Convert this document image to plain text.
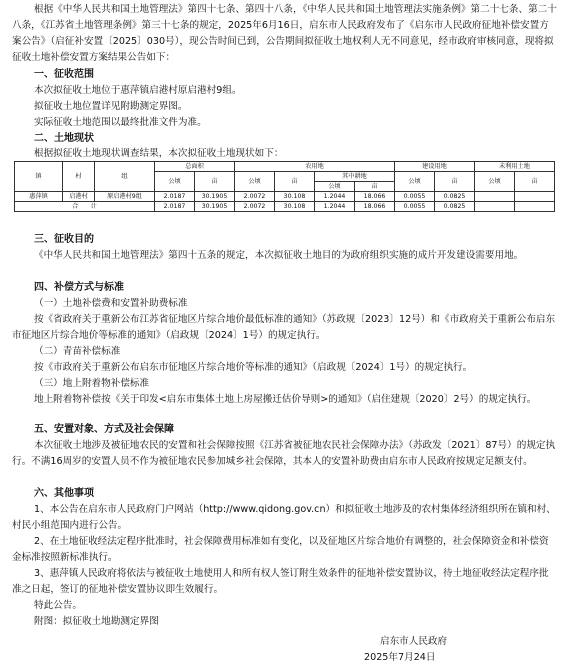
根据《中华人民共和国土地管理法》第四十七条、第四十八条，《中华人民共和国土地管理法实施条例》第二十七条、第二十八条，《江苏省土地管理条例》第三十七条的规定，2025年6月16日，启东市人民政府发布了《启东市人民政府征地补偿安置方案公告》（启征补安置〔2025〕030号），现公告时间已到，公告期间拟征收土地权利人无不同意见，经市政府审核同意，现将拟征收土地补偿安置方案结果公告如下：
一、征收范围
本次拟征收土地位于惠萍镇启港村原启港村9组。
拟征收土地位置详见附勘测定界图。
实际征收土地范围以最终批准文件为准。
二、土地现状
根据拟征收土地现状调查结果，本次拟征收土地现状如下：
镇	村	组	总面积		农用地				建设用地		未利用土地	
			公顷	亩	公顷	亩	其中耕地		公顷	亩	公顷	亩
							公顷	亩				
惠萍镇	启港村	原启港村9组	2.0187	30.1905	2.0072	30.108	1.2044	18.066	0.0055	0.0825		
合　　计			2.0187	30.1905	2.0072	30.108	1.2044	18.066	0.0055	0.0825		
三、征收目的
《中华人民共和国土地管理法》第四十五条的规定，本次拟征收土地目的为政府组织实施的成片开发建设需要用地。
四、补偿方式与标准
（一）土地补偿费和安置补助费标准
按《省政府关于重新公布江苏省征地区片综合地价最低标准的通知》（苏政规〔2023〕12号）和《市政府关于重新公布启东市征地区片综合地价等标准的通知》（启政规〔2024〕1号）的规定执行。
（二）青苗补偿标准
按《市政府关于重新公布启东市征地区片综合地价等标准的通知》（启政规〔2024〕1号）的规定执行。
（三）地上附着物补偿标准
地上附着物补偿按《关于印发<启东市集体土地上房屋搬迁估价导则>的通知》（启住建规〔2020〕2号）的规定执行。
五、安置对象、方式及社会保障
本次征收土地涉及被征地农民的安置和社会保障按照《江苏省被征地农民社会保障办法》（苏政发〔2021〕87号）的规定执行。不满16周岁的安置人员不作为被征地农民参加城乡社会保障，其本人的安置补助费由启东市人民政府按规定足额支付。
六、其他事项
1、本公告在启东市人民政府门户网站（http://www.qidong.gov.cn）和拟征收土地涉及的农村集体经济组织所在镇和村、村民小组范围内进行公告。
2、在土地征收经法定程序批准时，社会保障费用标准如有变化，以及征地区片综合地价有调整的，社会保障资金和补偿资金标准按照新标准执行。
3、惠萍镇人民政府将依法与被征收土地使用人和所有权人签订附生效条件的征地补偿安置协议，待土地征收经法定程序批准之日起，签订的征地补偿安置协议即生效履行。
特此公告。
附图：拟征收土地勘测定界图
启东市人民政府
2025年7月24日
